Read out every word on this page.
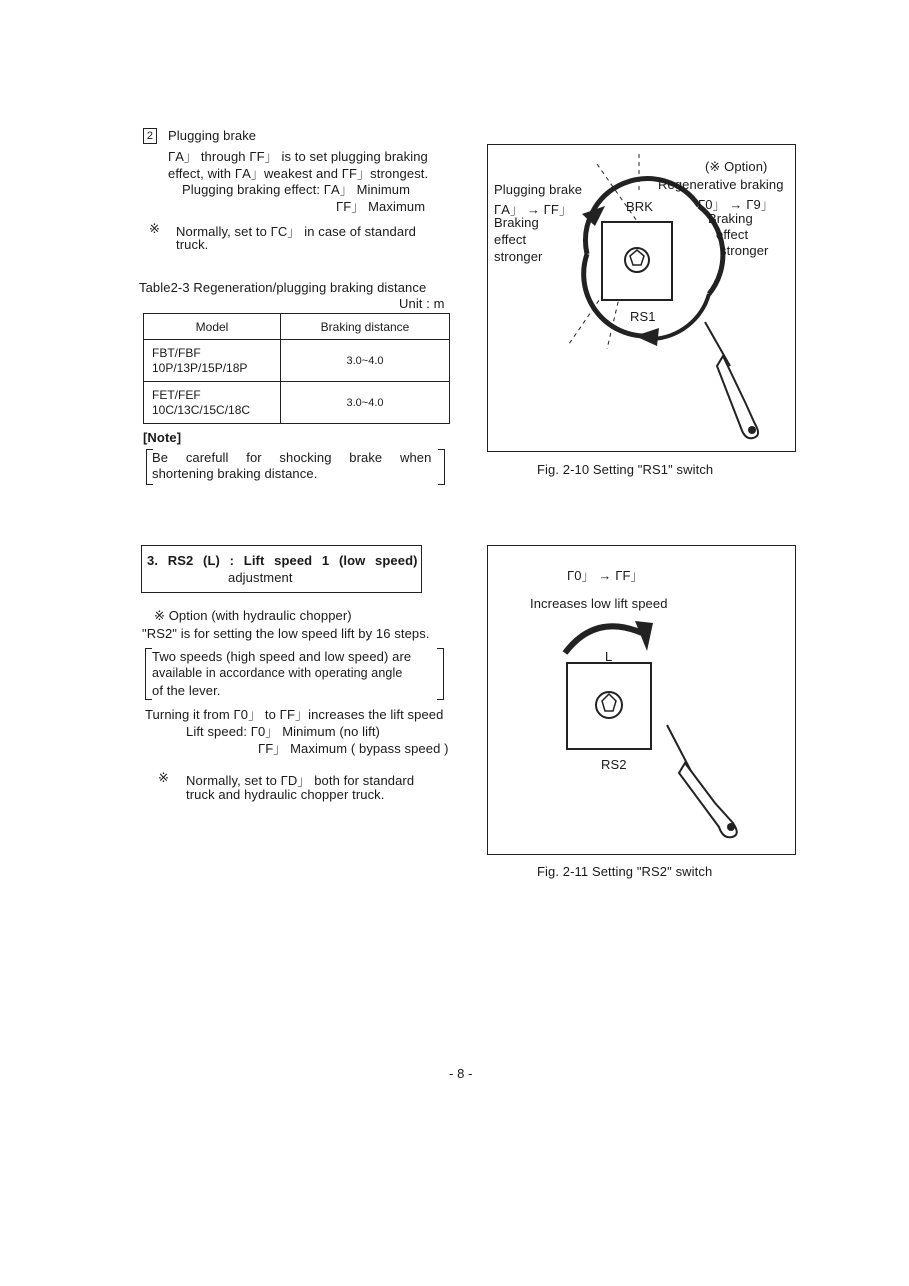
2 Plugging brake
ΓA」 through ΓF」 is to set plugging braking
effect, with ΓA」weakest and ΓF」strongest.
Plugging braking effect: ΓA」 Minimum
ΓF」 Maximum
※ Normally, set to ΓC」 in case of standard
truck.
Table2-3 Regeneration/plugging braking distance
Unit : m
Model	Braking distance

FBT/FBF
10P/13P/15P/18P	3.0~4.0

FET/FEF
10C/13C/15C/18C	3.0~4.0
[Note]
Be carefull for shocking brake when
shortening braking distance.
(※ Option)
Regenerative braking
Γ0」 → Γ9」
Braking
effect
stronger
Plugging brake
ΓA」 → ΓF」
Braking
effect
stronger
BRK
RS1
Fig. 2-10 Setting "RS1" switch
3. RS2 (L) : Lift speed 1 (low speed)
adjustment
※ Option (with hydraulic chopper)
"RS2" is for setting the low speed lift by 16 steps.
Two speeds (high speed and low speed) are
available in accordance with operating angle
of the lever.
Turning it from Γ0」 to ΓF」increases the lift speed
Lift speed: Γ0」 Minimum (no lift)
ΓF」 Maximum ( bypass speed )
※ Normally, set to ΓD」 both for standard
truck and hydraulic chopper truck.
Γ0」 → ΓF」
Increases low lift speed
L
RS2
Fig. 2-11 Setting "RS2" switch
- 8 -
